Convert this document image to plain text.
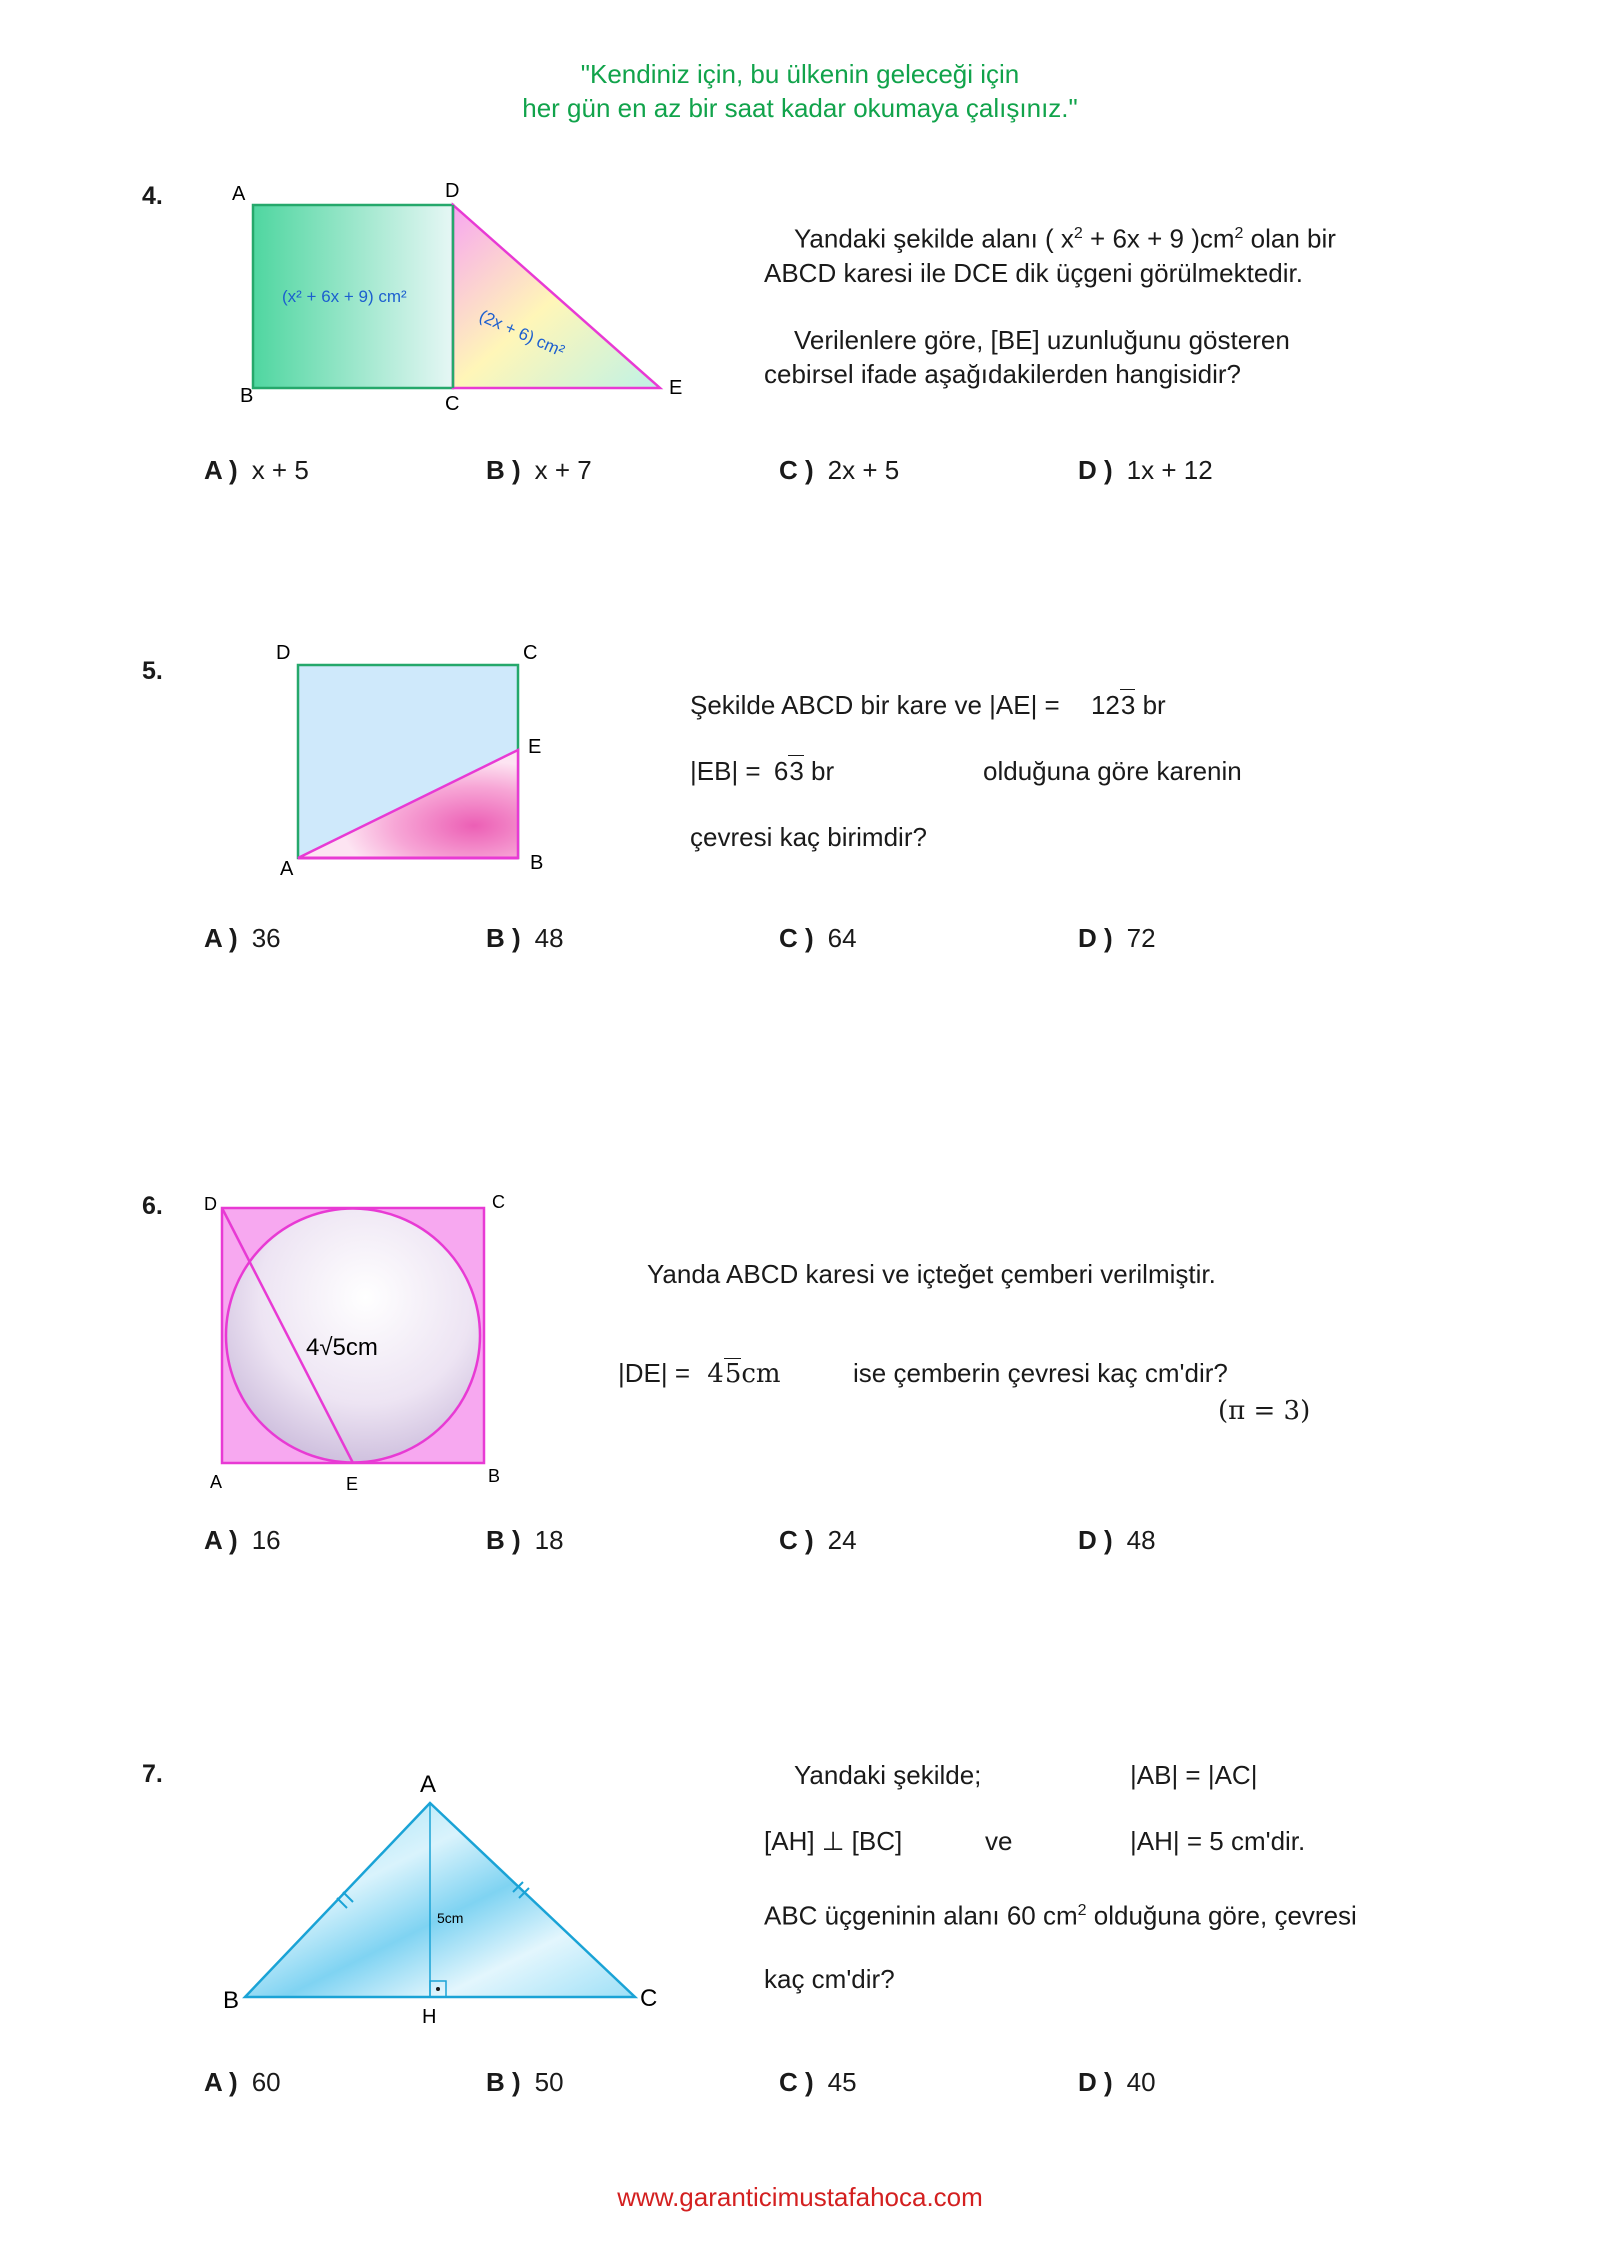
"Kendiniz için, bu ülkenin geleceği için
her gün en az bir saat kadar okumaya çalışınız."
4.	A	D
B	C
E
(x² + 6x + 9) cm²
(2x + 6) cm²
Yandaki şekilde alanı ( $x^2 + 6x + 9$ )$cm^2$ olan bir
ABCD karesi ile DCE dik üçgeni görülmektedir.
Verilenlere göre, [BE] uzunluğunu gösteren
cebirsel ifade aşağıdakilerden hangisidir?
A ) x + 5	B ) x + 7	C ) 2x + 5	D ) 1x + 12
5.
D	C
E
A	B
Şekilde ABCD bir kare ve |AE| = 123 br
|EB| = 63 br	olduğuna göre karenin
çevresi kaç birimdir?
A ) 36	B ) 48	C ) 64	D ) 72
6. D	C
A	E	B
4√5cm
Yanda ABCD karesi ve içteğet çemberi verilmiştir.
|DE| = 45cm	ise çemberin çevresi kaç cm'dir?
(π = 3)
A ) 16	B ) 18	C ) 24	D ) 48
7.	A
B	C
H
5cm
Yandaki şekilde;	|AB| = |AC|
[AH] ⊥ [BC]	ve	|AH| = 5 cm'dir.
ABC üçgeninin alanı 60 $cm^2$ olduğuna göre, çevresi
kaç cm'dir?
A ) 60	B ) 50	C ) 45	D ) 40
www.garanticimustafahoca.com
